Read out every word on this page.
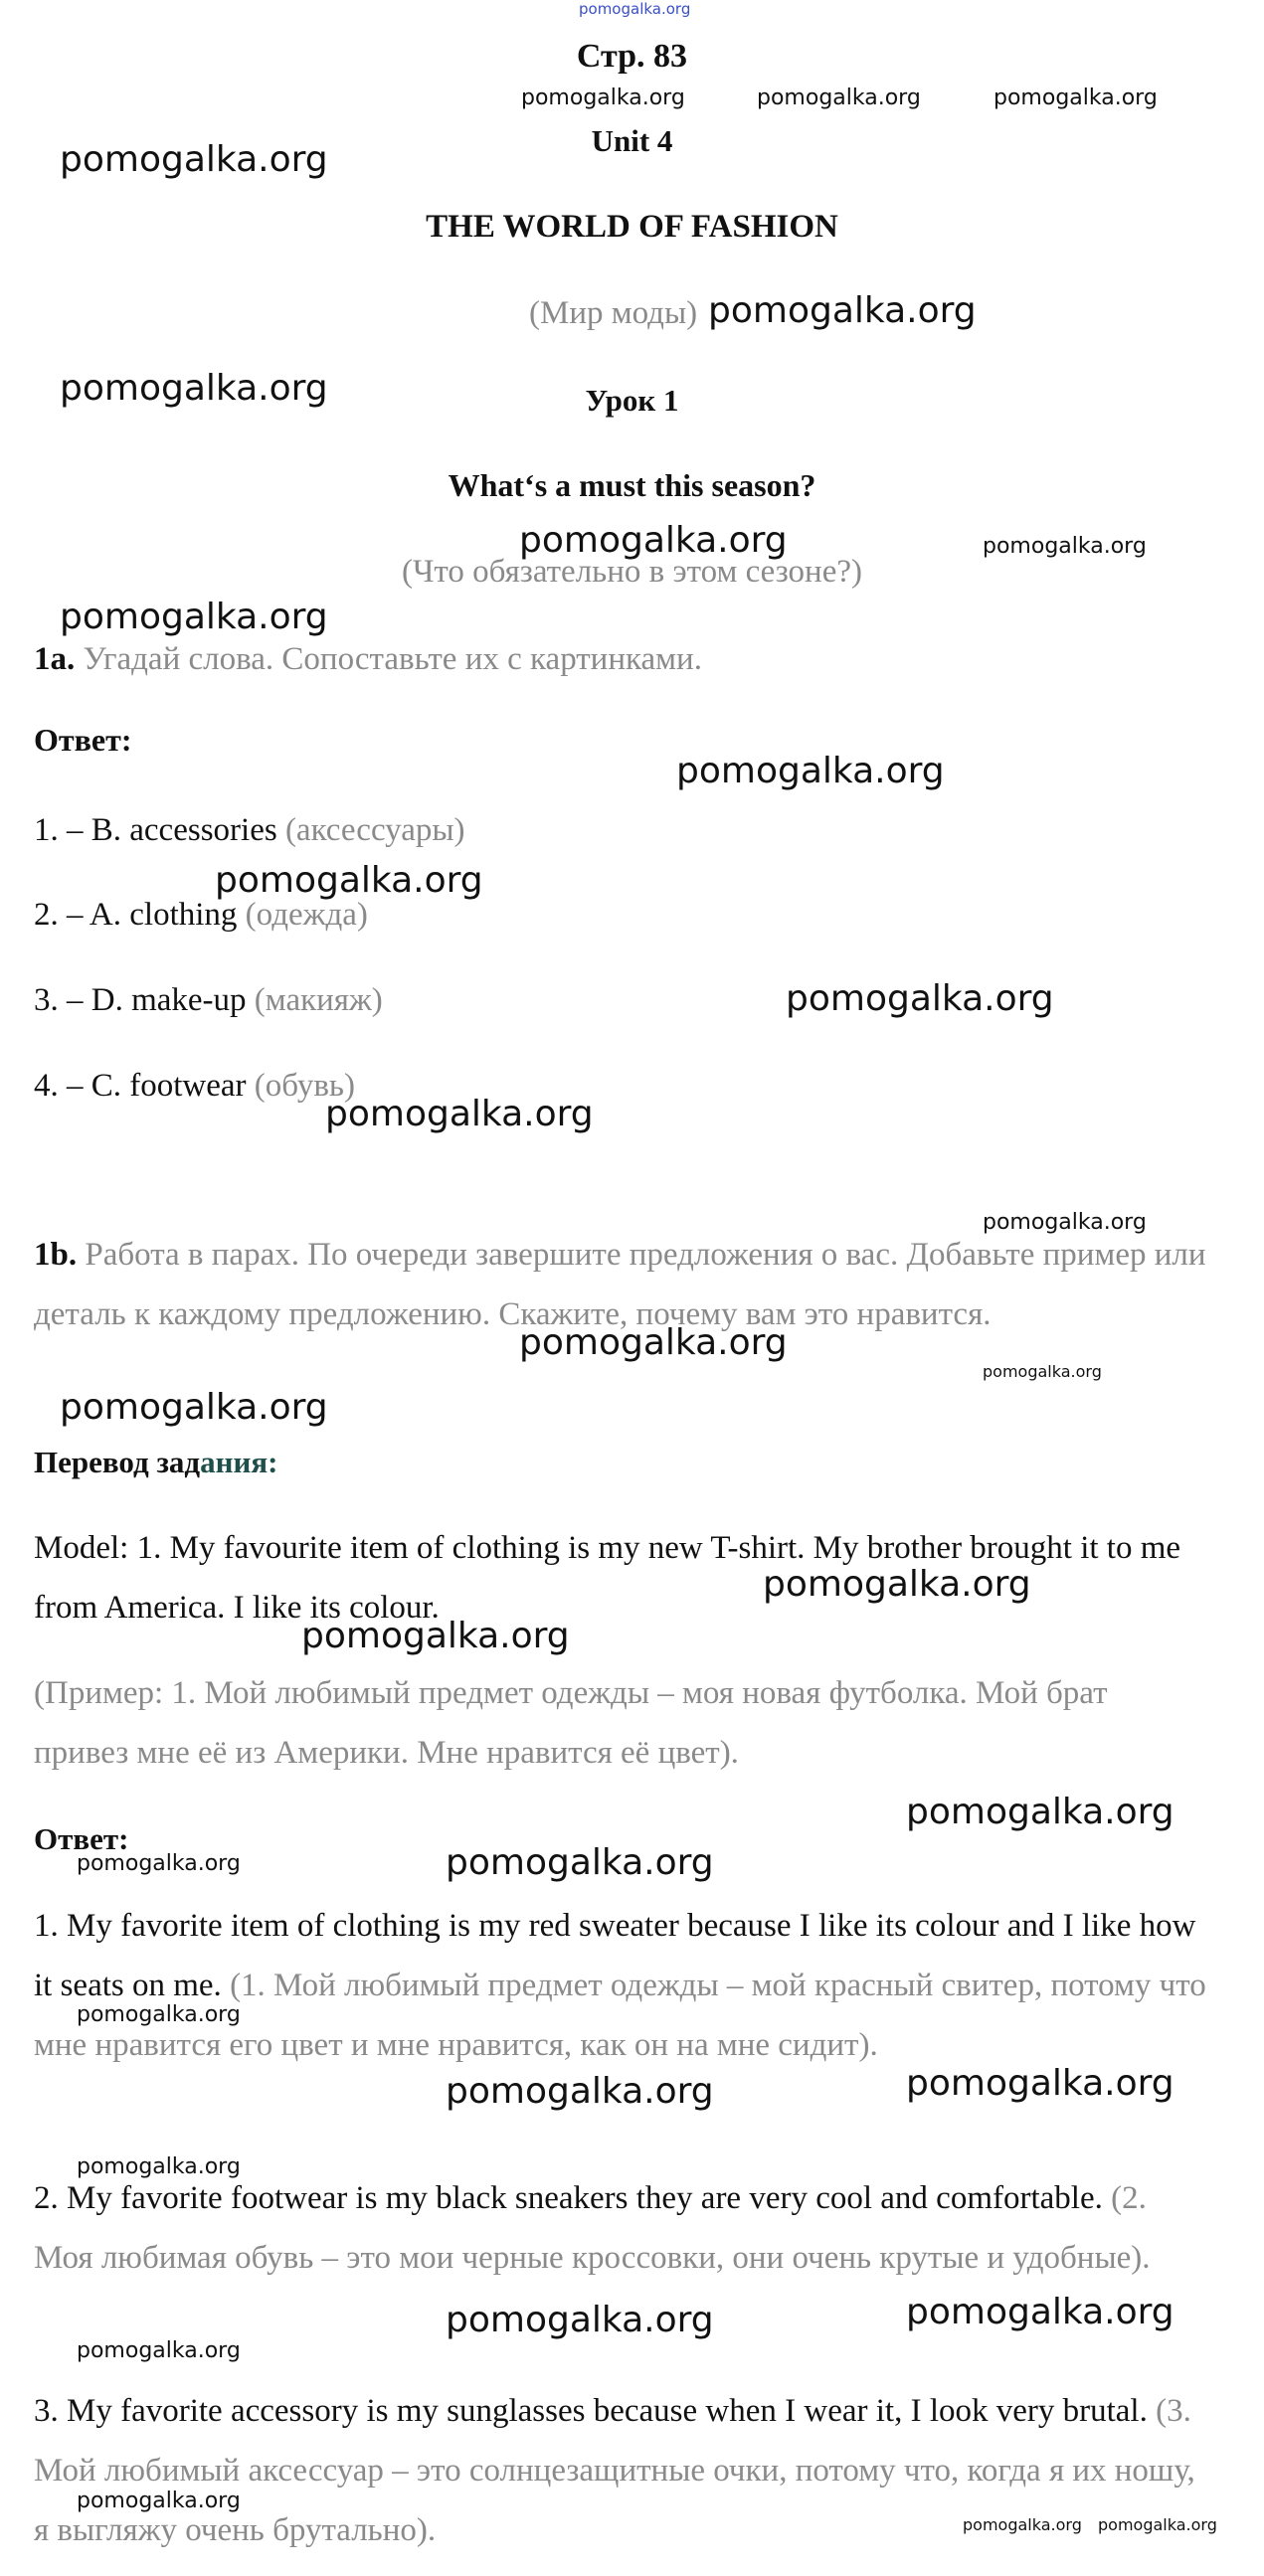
Стр. 83
Unit 4
THE WORLD OF FASHION
(Мир моды)
Урок 1
What‘s a must this season?
(Что обязательно в этом сезоне?)
1a. Угадай слова. Сопоставьте их с картинками.
Ответ:
1. – B. accessories (аксессуары)
2. – A. clothing (одежда)
3. – D. make-up (макияж)
4. – C. footwear (обувь)
1b. Работа в парах. По очереди завершите предложения о вас. Добавьте пример или деталь к каждому предложению. Скажите, почему вам это нравится.
Перевод задания:
Model: 1. My favourite item of clothing is my new T-shirt. My brother brought it to me from America. I like its colour.
(Пример: 1. Мой любимый предмет одежды – моя новая футболка. Мой брат привез мне её из Америки. Мне нравится её цвет).
Ответ:
1. My favorite item of clothing is my red sweater because I like its colour and I like how it seats on me. (1. Мой любимый предмет одежды – мой красный свитер, потому что мне нравится его цвет и мне нравится, как он на мне сидит).
2. My favorite footwear is my black sneakers they are very cool and comfortable. (2. Моя любимая обувь – это мои черные кроссовки, они очень крутые и удобные).
3. My favorite accessory is my sunglasses because when I wear it, I look very brutal. (3. Мой любимый аксессуар – это солнцезащитные очки, потому что, когда я их ношу, я выгляжу очень брутально).
pomogalka.org
pomogalka.org	pomogalka.org	pomogalka.org
pomogalka.org
pomogalka.org
pomogalka.org
pomogalka.org	pomogalka.org
pomogalka.org
pomogalka.org
pomogalka.org
pomogalka.org
pomogalka.org
pomogalka.org
pomogalka.org
pomogalka.org
pomogalka.org
pomogalka.org
pomogalka.org
pomogalka.org
pomogalka.org	pomogalka.org
pomogalka.org
pomogalka.org
pomogalka.org
pomogalka.org
pomogalka.org
pomogalka.org
pomogalka.org
pomogalka.org
pomogalka.org pomogalka.org
